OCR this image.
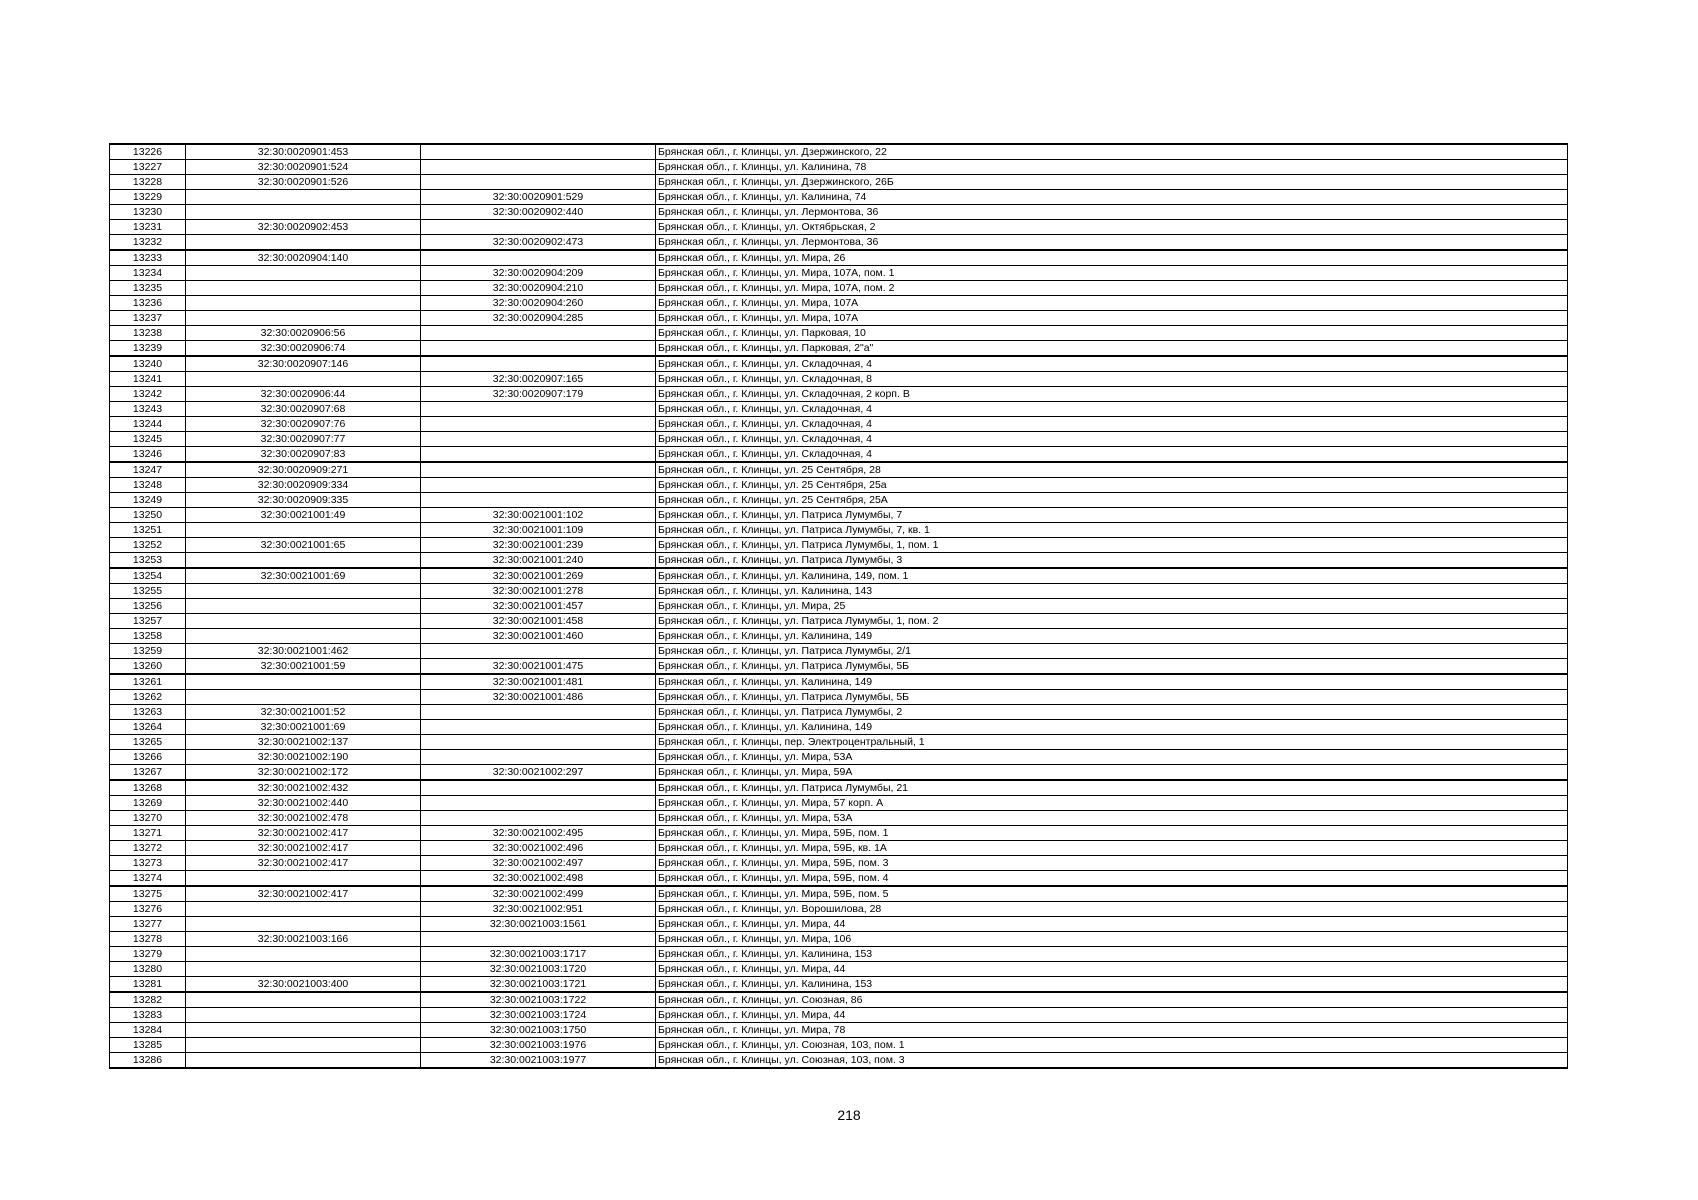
13226	32:30:0020901:453		Брянская обл., г. Клинцы, ул. Дзержинского, 22
13227	32:30:0020901:524		Брянская обл., г. Клинцы, ул. Калинина, 78
13228	32:30:0020901:526		Брянская обл., г. Клинцы, ул. Дзержинского, 26Б
13229		32:30:0020901:529	Брянская обл., г. Клинцы, ул. Калинина, 74
13230		32:30:0020902:440	Брянская обл., г. Клинцы, ул. Лермонтова, 36
13231	32:30:0020902:453		Брянская обл., г. Клинцы, ул. Октябрьская, 2
13232		32:30:0020902:473	Брянская обл., г. Клинцы, ул. Лермонтова, 36
13233	32:30:0020904:140		Брянская обл., г. Клинцы, ул. Мира, 26
13234		32:30:0020904:209	Брянская обл., г. Клинцы, ул. Мира, 107А, пом. 1
13235		32:30:0020904:210	Брянская обл., г. Клинцы, ул. Мира, 107А, пом. 2
13236		32:30:0020904:260	Брянская обл., г. Клинцы, ул. Мира, 107А
13237		32:30:0020904:285	Брянская обл., г. Клинцы, ул. Мира, 107А
13238	32:30:0020906:56		Брянская обл., г. Клинцы, ул. Парковая, 10
13239	32:30:0020906:74		Брянская обл., г. Клинцы, ул. Парковая, 2"а"
13240	32:30:0020907:146		Брянская обл., г. Клинцы, ул. Складочная, 4
13241		32:30:0020907:165	Брянская обл., г. Клинцы, ул. Складочная, 8
13242	32:30:0020906:44	32:30:0020907:179	Брянская обл., г. Клинцы, ул. Складочная, 2 корп. В
13243	32:30:0020907:68		Брянская обл., г. Клинцы, ул. Складочная, 4
13244	32:30:0020907:76		Брянская обл., г. Клинцы, ул. Складочная, 4
13245	32:30:0020907:77		Брянская обл., г. Клинцы, ул. Складочная, 4
13246	32:30:0020907:83		Брянская обл., г. Клинцы, ул. Складочная, 4
13247	32:30:0020909:271		Брянская обл., г. Клинцы, ул. 25 Сентября, 28
13248	32:30:0020909:334		Брянская обл., г. Клинцы, ул. 25 Сентября, 25а
13249	32:30:0020909:335		Брянская обл., г. Клинцы, ул. 25 Сентября, 25А
13250	32:30:0021001:49	32:30:0021001:102	Брянская обл., г. Клинцы, ул. Патриса Лумумбы, 7
13251		32:30:0021001:109	Брянская обл., г. Клинцы, ул. Патриса Лумумбы, 7, кв. 1
13252	32:30:0021001:65	32:30:0021001:239	Брянская обл., г. Клинцы, ул. Патриса Лумумбы, 1, пом. 1
13253		32:30:0021001:240	Брянская обл., г. Клинцы, ул. Патриса Лумумбы, 3
13254	32:30:0021001:69	32:30:0021001:269	Брянская обл., г. Клинцы, ул. Калинина, 149, пом. 1
13255		32:30:0021001:278	Брянская обл., г. Клинцы, ул. Калинина, 143
13256		32:30:0021001:457	Брянская обл., г. Клинцы, ул. Мира, 25
13257		32:30:0021001:458	Брянская обл., г. Клинцы, ул. Патриса Лумумбы, 1, пом. 2
13258		32:30:0021001:460	Брянская обл., г. Клинцы, ул. Калинина, 149
13259	32:30:0021001:462		Брянская обл., г. Клинцы, ул. Патриса Лумумбы, 2/1
13260	32:30:0021001:59	32:30:0021001:475	Брянская обл., г. Клинцы, ул. Патриса Лумумбы, 5Б
13261		32:30:0021001:481	Брянская обл., г. Клинцы, ул. Калинина, 149
13262		32:30:0021001:486	Брянская обл., г. Клинцы, ул. Патриса Лумумбы, 5Б
13263	32:30:0021001:52		Брянская обл., г. Клинцы, ул. Патриса Лумумбы, 2
13264	32:30:0021001:69		Брянская обл., г. Клинцы, ул. Калинина, 149
13265	32:30:0021002:137		Брянская обл., г. Клинцы, пер. Электроцентральный, 1
13266	32:30:0021002:190		Брянская обл., г. Клинцы, ул. Мира, 53А
13267	32:30:0021002:172	32:30:0021002:297	Брянская обл., г. Клинцы, ул. Мира, 59А
13268	32:30:0021002:432		Брянская обл., г. Клинцы, ул. Патриса Лумумбы, 21
13269	32:30:0021002:440		Брянская обл., г. Клинцы, ул. Мира, 57 корп. А
13270	32:30:0021002:478		Брянская обл., г. Клинцы, ул. Мира, 53А
13271	32:30:0021002:417	32:30:0021002:495	Брянская обл., г. Клинцы, ул. Мира, 59Б, пом. 1
13272	32:30:0021002:417	32:30:0021002:496	Брянская обл., г. Клинцы, ул. Мира, 59Б, кв. 1А
13273	32:30:0021002:417	32:30:0021002:497	Брянская обл., г. Клинцы, ул. Мира, 59Б, пом. 3
13274		32:30:0021002:498	Брянская обл., г. Клинцы, ул. Мира, 59Б, пом. 4
13275	32:30:0021002:417	32:30:0021002:499	Брянская обл., г. Клинцы, ул. Мира, 59Б, пом. 5
13276		32:30:0021002:951	Брянская обл., г. Клинцы, ул. Ворошилова, 28
13277		32:30:0021003:1561	Брянская обл., г. Клинцы, ул. Мира, 44
13278	32:30:0021003:166		Брянская обл., г. Клинцы, ул. Мира, 106
13279		32:30:0021003:1717	Брянская обл., г. Клинцы, ул. Калинина, 153
13280		32:30:0021003:1720	Брянская обл., г. Клинцы, ул. Мира, 44
13281	32:30:0021003:400	32:30:0021003:1721	Брянская обл., г. Клинцы, ул. Калинина, 153
13282		32:30:0021003:1722	Брянская обл., г. Клинцы, ул. Союзная, 86
13283		32:30:0021003:1724	Брянская обл., г. Клинцы, ул. Мира, 44
13284		32:30:0021003:1750	Брянская обл., г. Клинцы, ул. Мира, 78
13285		32:30:0021003:1976	Брянская обл., г. Клинцы, ул. Союзная, 103, пом. 1
13286		32:30:0021003:1977	Брянская обл., г. Клинцы, ул. Союзная, 103, пом. 3
218
